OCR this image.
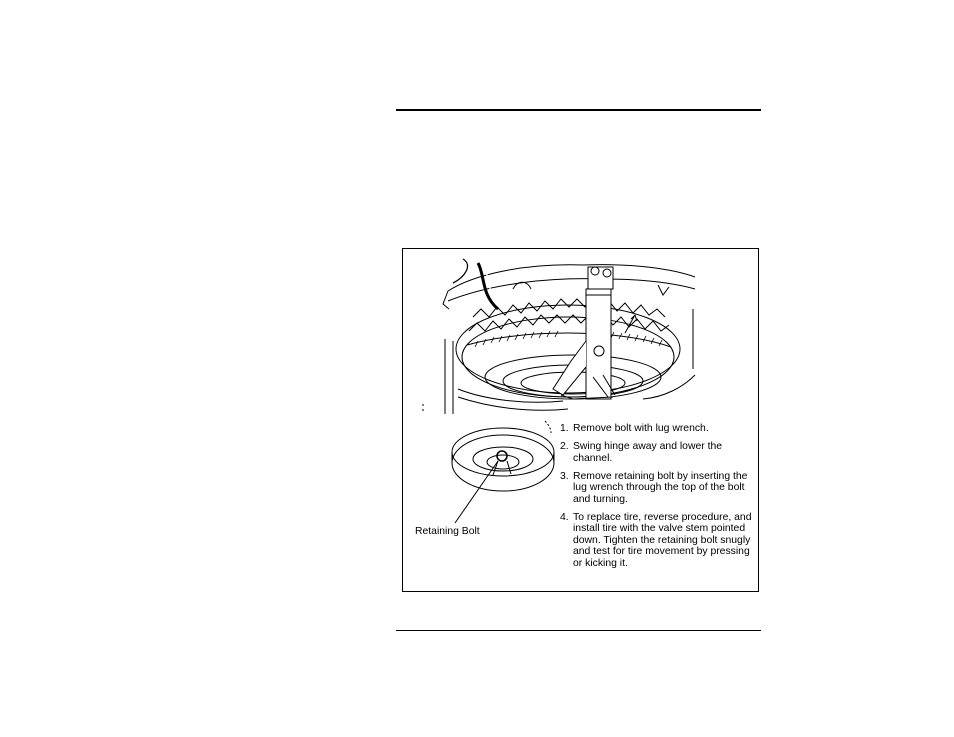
1. Remove bolt with lug wrench.
2. Swing hinge away and lower the channel.
3. Remove retaining bolt by inserting the lug wrench through the top of the bolt and turning.
4. To replace tire, reverse procedure, and install tire with the valve stem pointed down. Tighten the retaining bolt snugly and test for tire movement by pressing or kicking it.
Retaining Bolt
